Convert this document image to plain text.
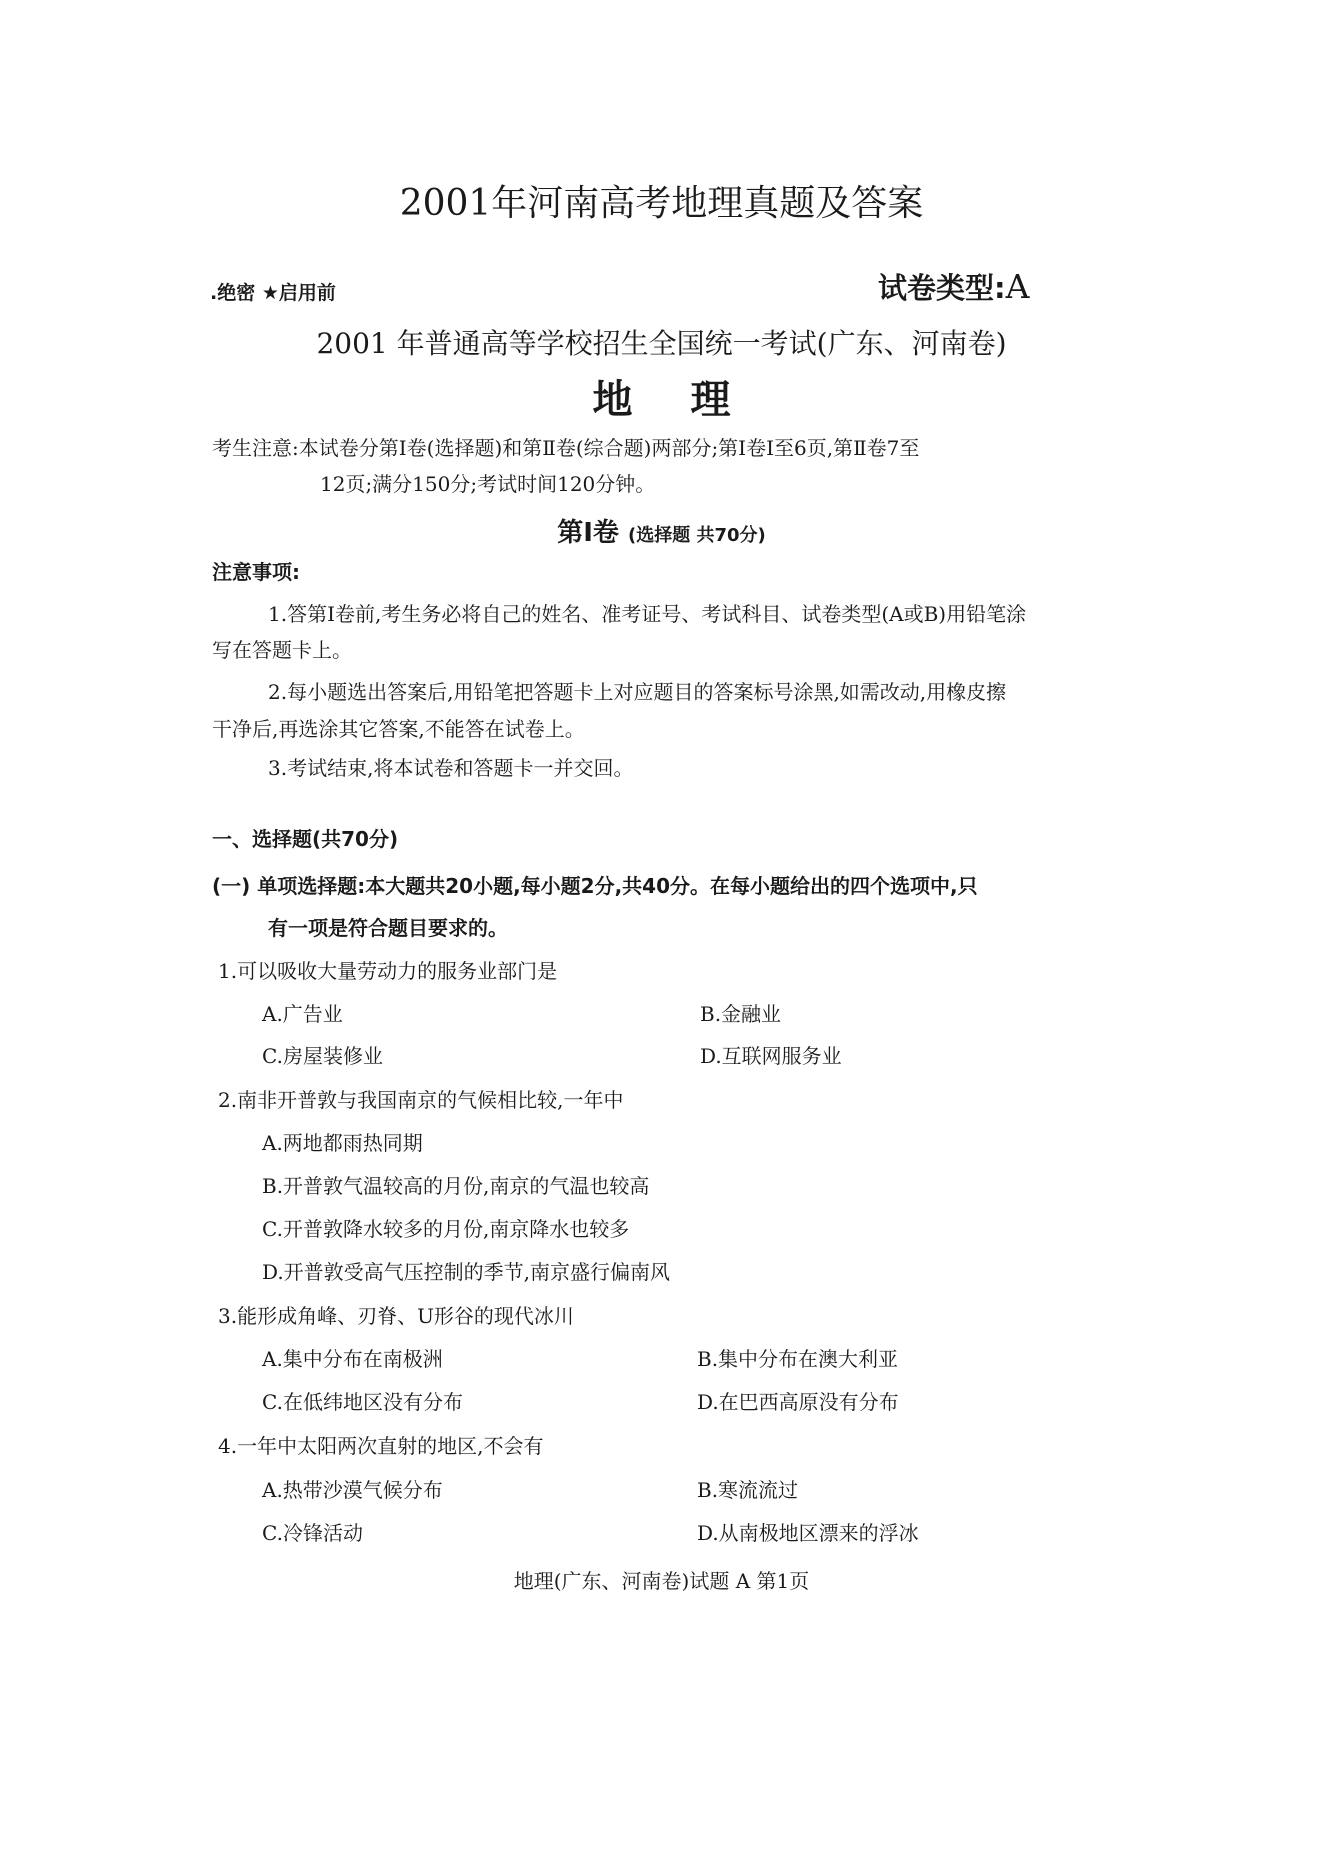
2001年河南高考地理真题及答案
.绝密 ★启用前	试卷类型:A
2001 年普通高等学校招生全国统一考试(广东、河南卷)
地理
考生注意:本试卷分第Ⅰ卷(选择题)和第Ⅱ卷(综合题)两部分;第Ⅰ卷Ⅰ至6页,第Ⅱ卷7至
12页;满分150分;考试时间120分钟。
第Ⅰ卷 (选择题 共70分)
注意事项:
1.答第Ⅰ卷前,考生务必将自己的姓名、准考证号、考试科目、试卷类型(A或B)用铅笔涂
写在答题卡上。
2.每小题选出答案后,用铅笔把答题卡上对应题目的答案标号涂黑,如需改动,用橡皮擦
干净后,再选涂其它答案,不能答在试卷上。
3.考试结束,将本试卷和答题卡一并交回。
一、选择题(共70分)
(一) 单项选择题:本大题共20小题,每小题2分,共40分。在每小题给出的四个选项中,只
有一项是符合题目要求的。
1.可以吸收大量劳动力的服务业部门是
A.广告业	B.金融业
C.房屋装修业	D.互联网服务业
2.南非开普敦与我国南京的气候相比较,一年中
A.两地都雨热同期
B.开普敦气温较高的月份,南京的气温也较高
C.开普敦降水较多的月份,南京降水也较多
D.开普敦受高气压控制的季节,南京盛行偏南风
3.能形成角峰、刃脊、U形谷的现代冰川
A.集中分布在南极洲	B.集中分布在澳大利亚
C.在低纬地区没有分布	D.在巴西高原没有分布
4.一年中太阳两次直射的地区,不会有
A.热带沙漠气候分布	B.寒流流过
C.冷锋活动	D.从南极地区漂来的浮冰
地理(广东、河南卷)试题 A 第1页
